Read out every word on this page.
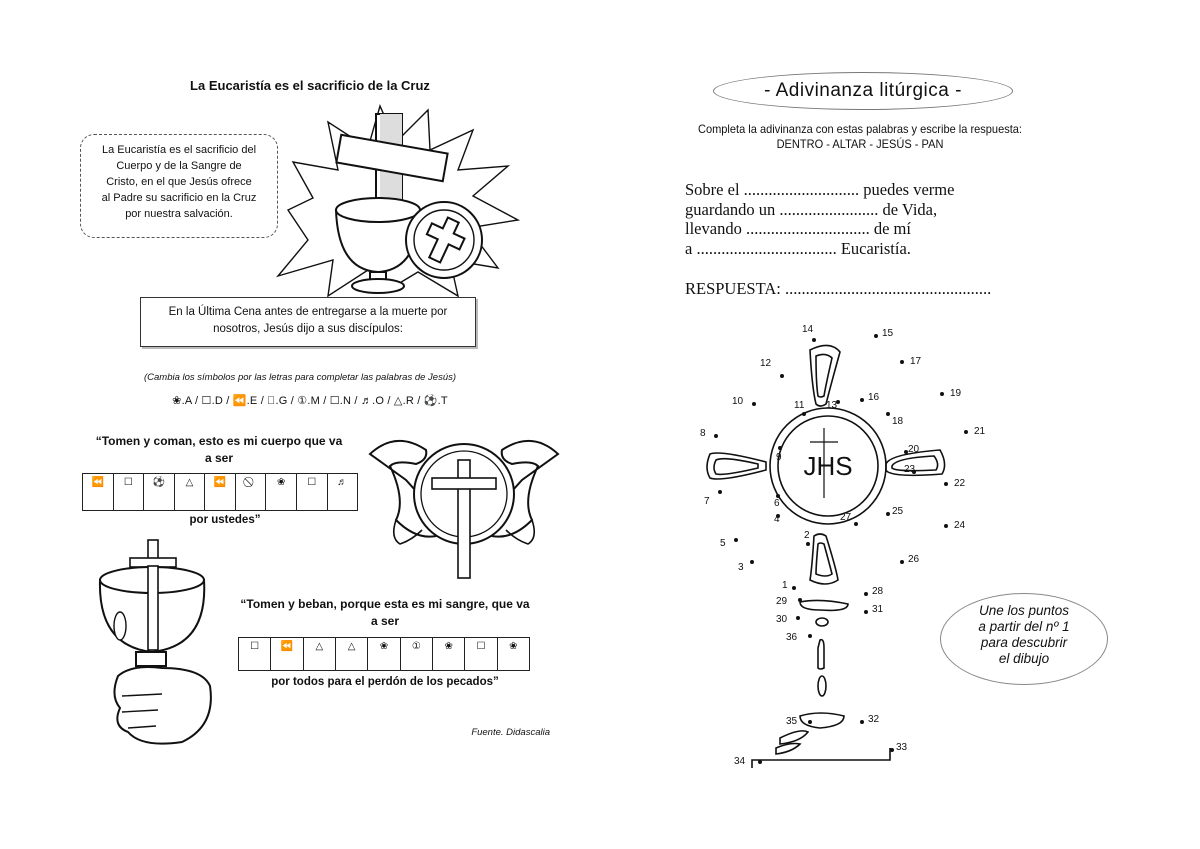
La Eucaristía es el sacrificio de la Cruz
La Eucaristía es el sacrificio del
Cuerpo y de la Sangre de
Cristo, en el que Jesús ofrece
al Padre su sacrificio en la Cruz
por nuestra salvación.
En la Última Cena antes de entregarse a la muerte por
nosotros, Jesús dijo a sus discípulos:
(Cambia los símbolos por las letras para completar las palabras de Jesús)
❀.A / ☐.D / ⏪.E / ⃠.G / ①.M / ☐.N / ♬.O / △.R / ⚽.T
“Tomen y coman, esto es mi cuerpo que va
a ser
⏪	☐	⚽	△	⏪	❀	☐	♬
por ustedes”
“Tomen y beban, porque esta es mi sangre, que va
a ser
☐	⏪	△	△	❀	①	❀	☐	❀
por todos para el perdón de los pecados”
Fuente. Didascalia
- Adivinanza litúrgica -
Completa la adivinanza con estas palabras y escribe la respuesta:
DENTRO - ALTAR - JESÚS - PAN
Sobre el ............................ puedes verme
guardando un ........................ de Vida,
llevando .............................. de mí
a .................................. Eucaristía.
RESPUESTA: ..................................................
JHS
1
2
3
4
5
6
7
8
9
10	11
12
13
14	15
16
17
18
19
20
21
22
23
24
25
26
27
28
29
30
31
32
33
34
35
36
Une los puntos
a partir del nº 1
para descubrir
el dibujo
